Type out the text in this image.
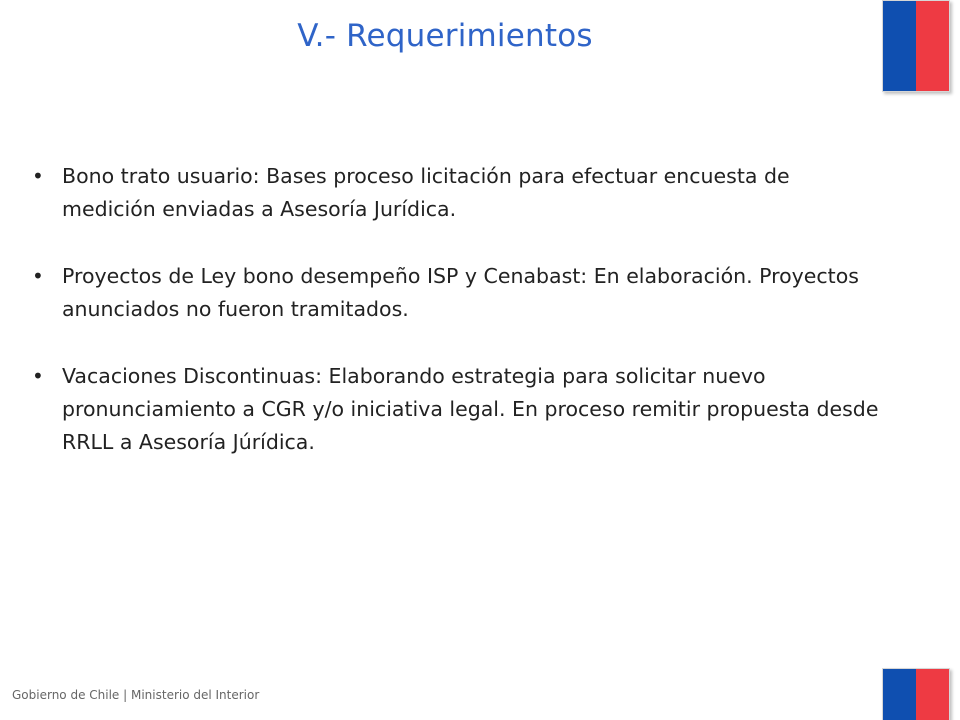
V.- Requerimientos
• Bono trato usuario: Bases proceso licitación para efectuar encuesta de medición enviadas a Asesoría Jurídica.
• Proyectos de Ley bono desempeño ISP y Cenabast: En elaboración. Proyectos anunciados no fueron tramitados.
• Vacaciones Discontinuas: Elaborando estrategia para solicitar nuevo pronunciamiento a CGR y/o iniciativa legal. En proceso remitir propuesta desde RRLL a Asesoría Júrídica.
Gobierno de Chile | Ministerio del Interior
